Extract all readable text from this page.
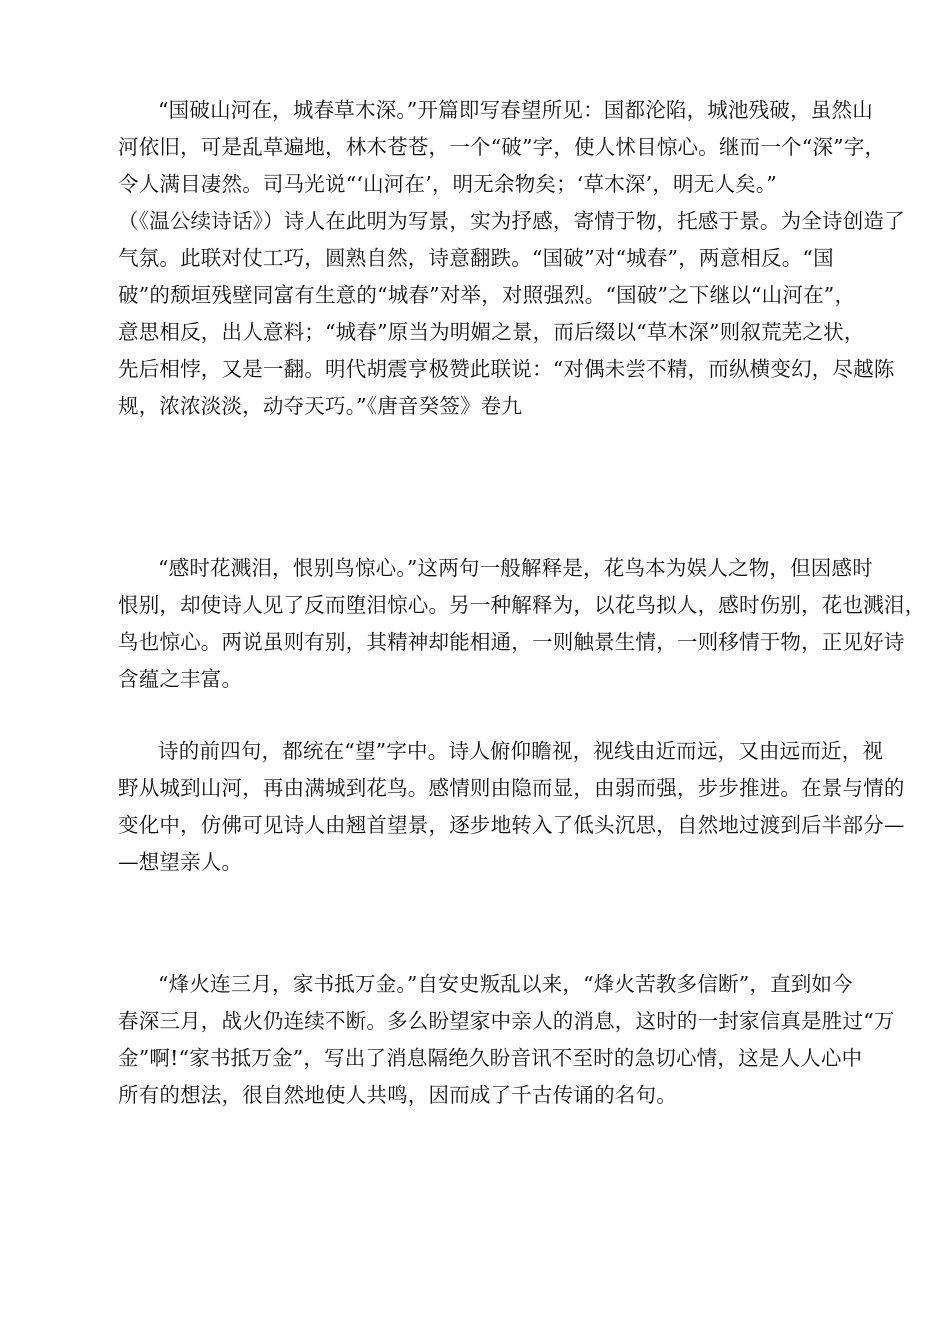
“国破山河在，城春草木深。”开篇即写春望所见：国都沦陷，城池残破，虽然山
河依旧，可是乱草遍地，林木苍苍，一个“破”字，使人怵目惊心。继而一个“深”字，
令人满目凄然。司马光说“‘山河在’，明无余物矣；‘草木深’，明无人矣。”
（《温公续诗话》）诗人在此明为写景，实为抒感，寄情于物，托感于景。为全诗创造了
气氛。此联对仗工巧，圆熟自然，诗意翻跌。“国破”对“城春”，两意相反。“国
破”的颓垣残壁同富有生意的“城春”对举，对照强烈。“国破”之下继以“山河在”，
意思相反，出人意料；“城春”原当为明媚之景，而后缀以“草木深”则叙荒芜之状，
先后相悖，又是一翻。明代胡震亨极赞此联说：“对偶未尝不精，而纵横变幻，尽越陈
规，浓浓淡淡，动夺天巧。”《唐音癸签》卷九
“感时花溅泪，恨别鸟惊心。”这两句一般解释是，花鸟本为娱人之物，但因感时
恨别，却使诗人见了反而堕泪惊心。另一种解释为，以花鸟拟人，感时伤别，花也溅泪，
鸟也惊心。两说虽则有别，其精神却能相通，一则触景生情，一则移情于物，正见好诗
含蕴之丰富。
诗的前四句，都统在“望”字中。诗人俯仰瞻视，视线由近而远，又由远而近，视
野从城到山河，再由满城到花鸟。感情则由隐而显，由弱而强，步步推进。在景与情的
变化中，仿佛可见诗人由翘首望景，逐步地转入了低头沉思，自然地过渡到后半部分—
—想望亲人。
“烽火连三月，家书抵万金。”自安史叛乱以来，“烽火苦教多信断”，直到如今
春深三月，战火仍连续不断。多么盼望家中亲人的消息，这时的一封家信真是胜过“万
金”啊!“家书抵万金”，写出了消息隔绝久盼音讯不至时的急切心情，这是人人心中
所有的想法，很自然地使人共鸣，因而成了千古传诵的名句。
